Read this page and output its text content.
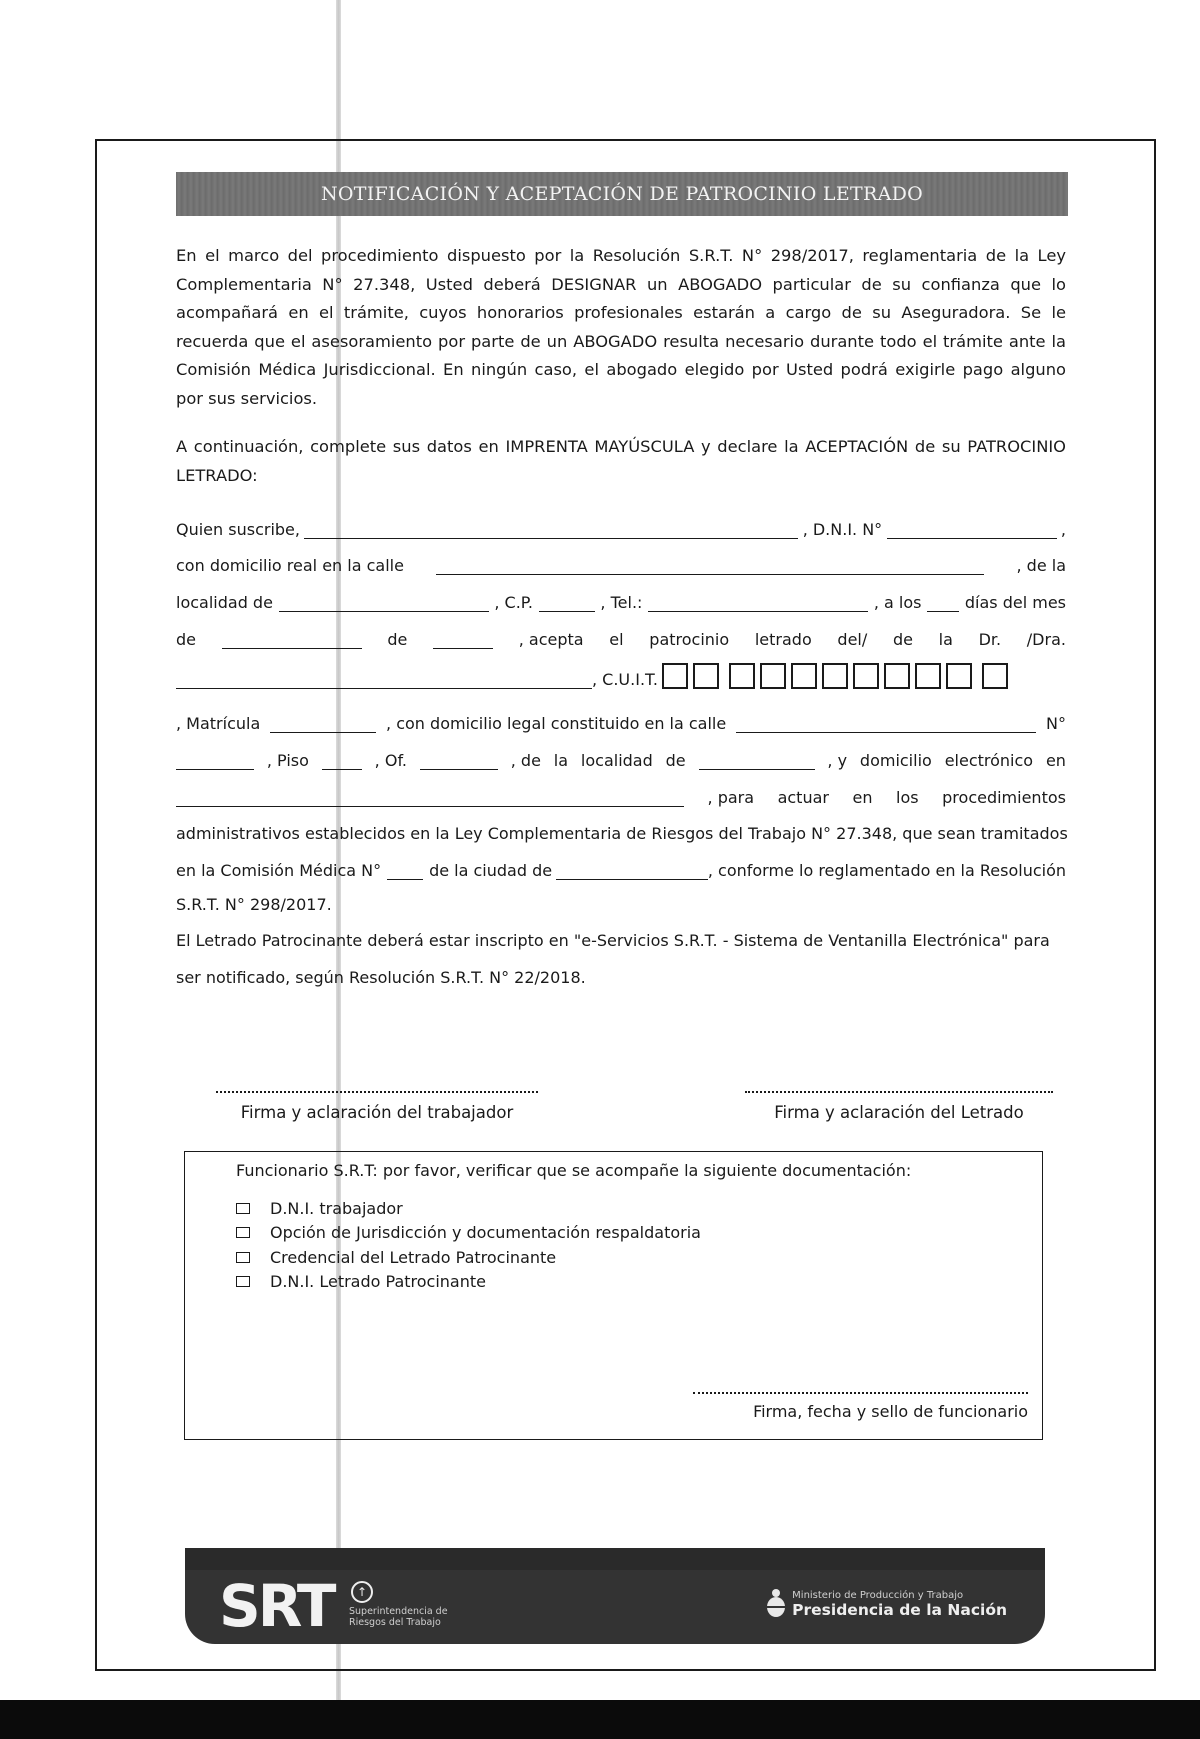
NOTIFICACIÓN Y ACEPTACIÓN DE PATROCINIO LETRADO
En el marco del procedimiento dispuesto por la Resolución S.R.T. N° 298/2017, reglamentaria de la Ley Complementaria N° 27.348, Usted deberá DESIGNAR un ABOGADO particular de su confianza que lo acompañará en el trámite, cuyos honorarios profesionales estarán a cargo de su Aseguradora. Se le recuerda que el asesoramiento por parte de un ABOGADO resulta necesario durante todo el trámite ante la Comisión Médica Jurisdiccional. En ningún caso, el abogado elegido por Usted podrá exigirle pago alguno por sus servicios.
A continuación, complete sus datos en IMPRENTA MAYÚSCULA y declare la ACEPTACIÓN de su PATROCINIO LETRADO:
Quien suscribe,	, D.N.I. N°	,
con domicilio real en la calle	, de la
localidad de	, C.P.	, Tel.:	, a los	días del mes
de	de	, acepta el patrocinio letrado del/ de la Dr. /Dra.
, C.U.I.T.
, Matrícula	, con domicilio legal constituido en la calle	N°
, Piso	, Of.	, de la localidad de	, y domicilio electrónico en
, para actuar en los procedimientos
administrativos establecidos en la Ley Complementaria de Riesgos del Trabajo N° 27.348, que sean tramitados
en la Comisión Médica N°	de la ciudad de	, conforme lo reglamentado en la Resolución
S.R.T. N° 298/2017.
El Letrado Patrocinante deberá estar inscripto en "e-Servicios S.R.T. - Sistema de Ventanilla Electrónica" para
ser notificado, según Resolución S.R.T. N° 22/2018.
Firma y aclaración del trabajador	Firma y aclaración del Letrado
Funcionario S.R.T: por favor, verificar que se acompañe la siguiente documentación:
D.N.I. trabajador
Opción de Jurisdicción y documentación respaldatoria
Credencial del Letrado Patrocinante
D.N.I. Letrado Patrocinante
Firma, fecha y sello de funcionario
SRT	↑
Superintendencia de
Riesgos del Trabajo
Ministerio de Producción y Trabajo
Presidencia de la Nación
